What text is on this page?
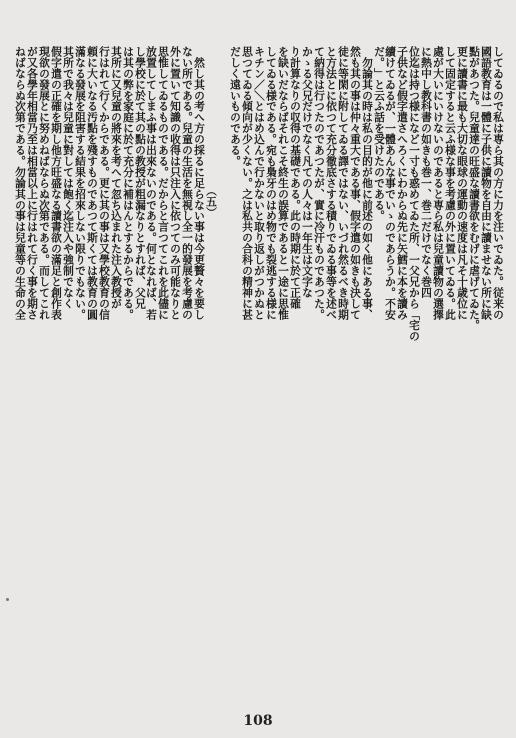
してゐるので私は専ら其の方に力を注いでゐた。従来の
國語教育は一體に子供に讀物を自由に讀ませない所に缺
點があつた。兒童達の旺盛な讀書欲をむげに虐げてゐた。
更に讀書に最も大切な眼球の運動の速度は凡そ十歳位に
して固定すると云ふ様な事を考慮の外に置いてゐる。此
處が大いにいけないのであると専ら私は兒童讀物の選擇
に熱中し教科書の如きも巻一、巻二だけでなく巻四
位迄は持つ様になど一寸も惑めてゐた所、一父兄から「宅の
子供など假字遣さへろくにわからぬ先に矢鱈に本を讀み
續けてゐるが、一體あんな事でいゝのであらうか。不安
だ。」と云ふ話を受けたのである。
　勿論其の時は私の目的が他に前述の如く他にある事、
然も其の事は仲々重大である事、假字遣の如きも決して
徒に等閑に附してゐる譯ではない、いづれ然るべき時期
と方法とに依つて充分徹底さする積りでゐる事等を述べ
て納得は行つたのであつたが、實に冷汗ものであつた。
かゝる父兄だけでなく凡ての人々は一年生は文字な
り計算なりの収得の基礎である。此の時期に於て正確
を缺いだならばそれこそ終生の誤算であると一途に思惟
してゐる様である。宛も梟牙のはめ物でも裂逃する様に
キチン／＼とはめ込んで行かないと取り返しがつかぬと
思つてゐる傾向が少くない。之は私共の合科の精神に甚
だしく遠いものである。
（五）
　然し其の考へ方の採るに足らない事は今更贅々を要し
ない所である。兒童の生活を無視し全一的發展を考慮の
外に置いて知識の收得は只注入に依つてのみ可能なりと
思惟してゐるものである。だからと言つてこれを此儘に
放置してしまふ事は出來ないのである。何となれば、若
し學校に於て其の點の教授が粗漏なりとすれば、父兄
は其の弊を家庭に於て充分に補はんとするからである。
其所に又兒童の將來を考へて忽ち込まれた注入教授が
行はれて行くからである。更に其の事は又學校教育の信
頼に大いなる汚點を殘すものであつて斯くては教育の圓
滿なる發展を阻害する結果を招來しない限りでもない。
其所で我々は兒童に對しては飽く迄注入や強制でなく
假字遣の正確を期し他方旺盛なる讀書欲の滿足と創作表
現欲の發展とに努めねばならぬ次第である。而してこれ
が又各學年相當乃至は相當以上に行はれて行く事を期さ
ねばならぬ次第である。勿論其の事は兒童等の生命の全
108
